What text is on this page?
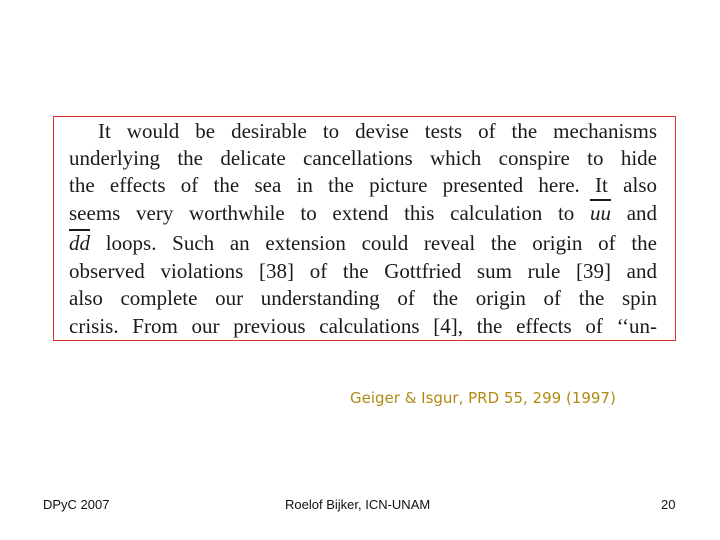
It would be desirable to devise tests of the mechanisms
underlying the delicate cancellations which conspire to hide
the effects of the sea in the picture presented here. It also
seems very worthwhile to extend this calculation to $\overline{uu}$ and
$\overline{dd}$ loops. Such an extension could reveal the origin of the
observed violations [38] of the Gottfried sum rule [39] and
also complete our understanding of the origin of the spin
crisis. From our previous calculations [4], the effects of ‘‘un-
Geiger & Isgur, PRD 55, 299 (1997)
DPyC 2007	Roelof Bijker, ICN-UNAM	20
